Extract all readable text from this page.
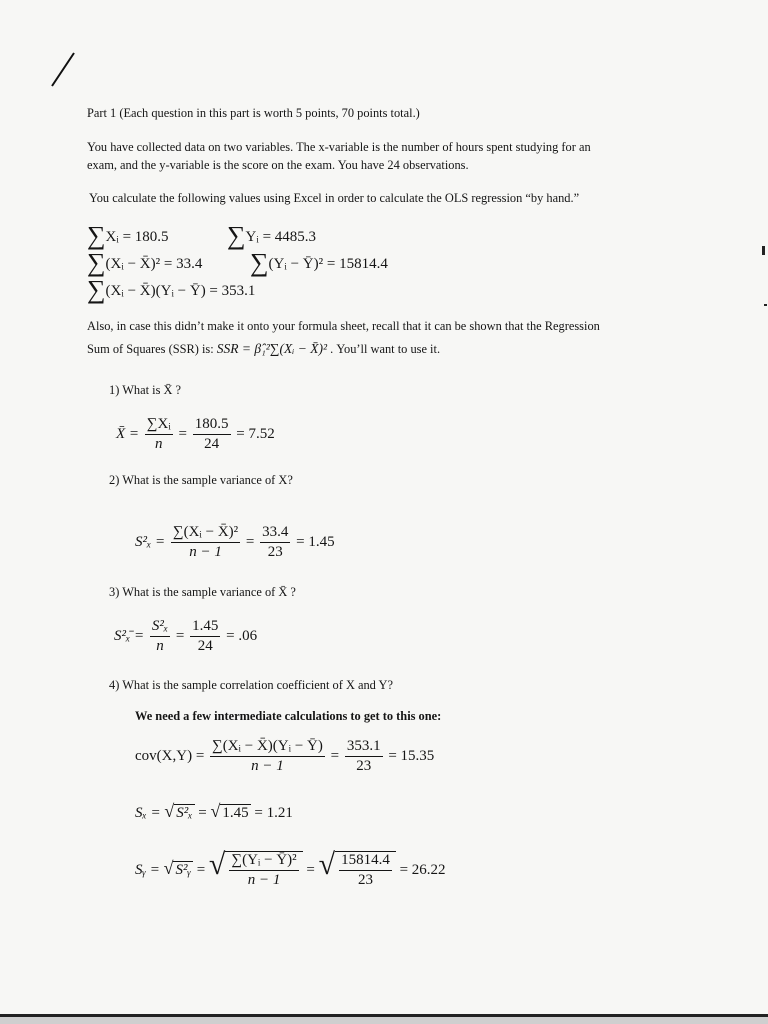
Part 1 (Each question in this part is worth 5 points, 70 points total.)
You have collected data on two variables. The x-variable is the number of hours spent studying for an
exam, and the y-variable is the score on the exam. You have 24 observations.
You calculate the following values using Excel in order to calculate the OLS regression “by hand.”
∑Xᵢ = 180.5 ∑Yᵢ = 4485.3
∑(Xᵢ − X̄)² = 33.4 ∑(Yᵢ − Ȳ)² = 15814.4
∑(Xᵢ − X̄)(Yᵢ − Ȳ) = 353.1
Also, in case this didn’t make it onto your formula sheet, recall that it can be shown that the Regression
Sum of Squares (SSR) is: SSR = β̂₁²∑(Xᵢ − X̄)² . You’ll want to use it.
1) What is X̄ ?
X̄ = $\frac{\text{∑Xᵢ}}{n} = \frac{180.5}{24} = 7.52$
2) What is the sample variance of X?
$S^2_x = \frac{\text{∑(Xᵢ − X̄)²}}{n - 1} = \frac{33.4}{23} = 1.45$
3) What is the sample variance of X̄ ?
S²ₓ̄ = $\frac{\text{S²ₓ}}{n} = \frac{1.45}{24} = .06$
4) What is the sample correlation coefficient of X and Y?
We need a few intermediate calculations to get to this one:
$cov(X,Y) = \frac{\text{∑(Xᵢ − X̄)(Yᵢ − Ȳ)}}{n - 1} = \frac{353.1}{23} = 15.35$
Sₓ = √ S²ₓ = √ 1.45 = 1.21
Sᵧ = √ S²ᵧ = √ $\frac{\text{∑(Yᵢ − Ȳ)²}}{n - 1}$ = √ $\frac{15814.4}{23} = 26.22$
